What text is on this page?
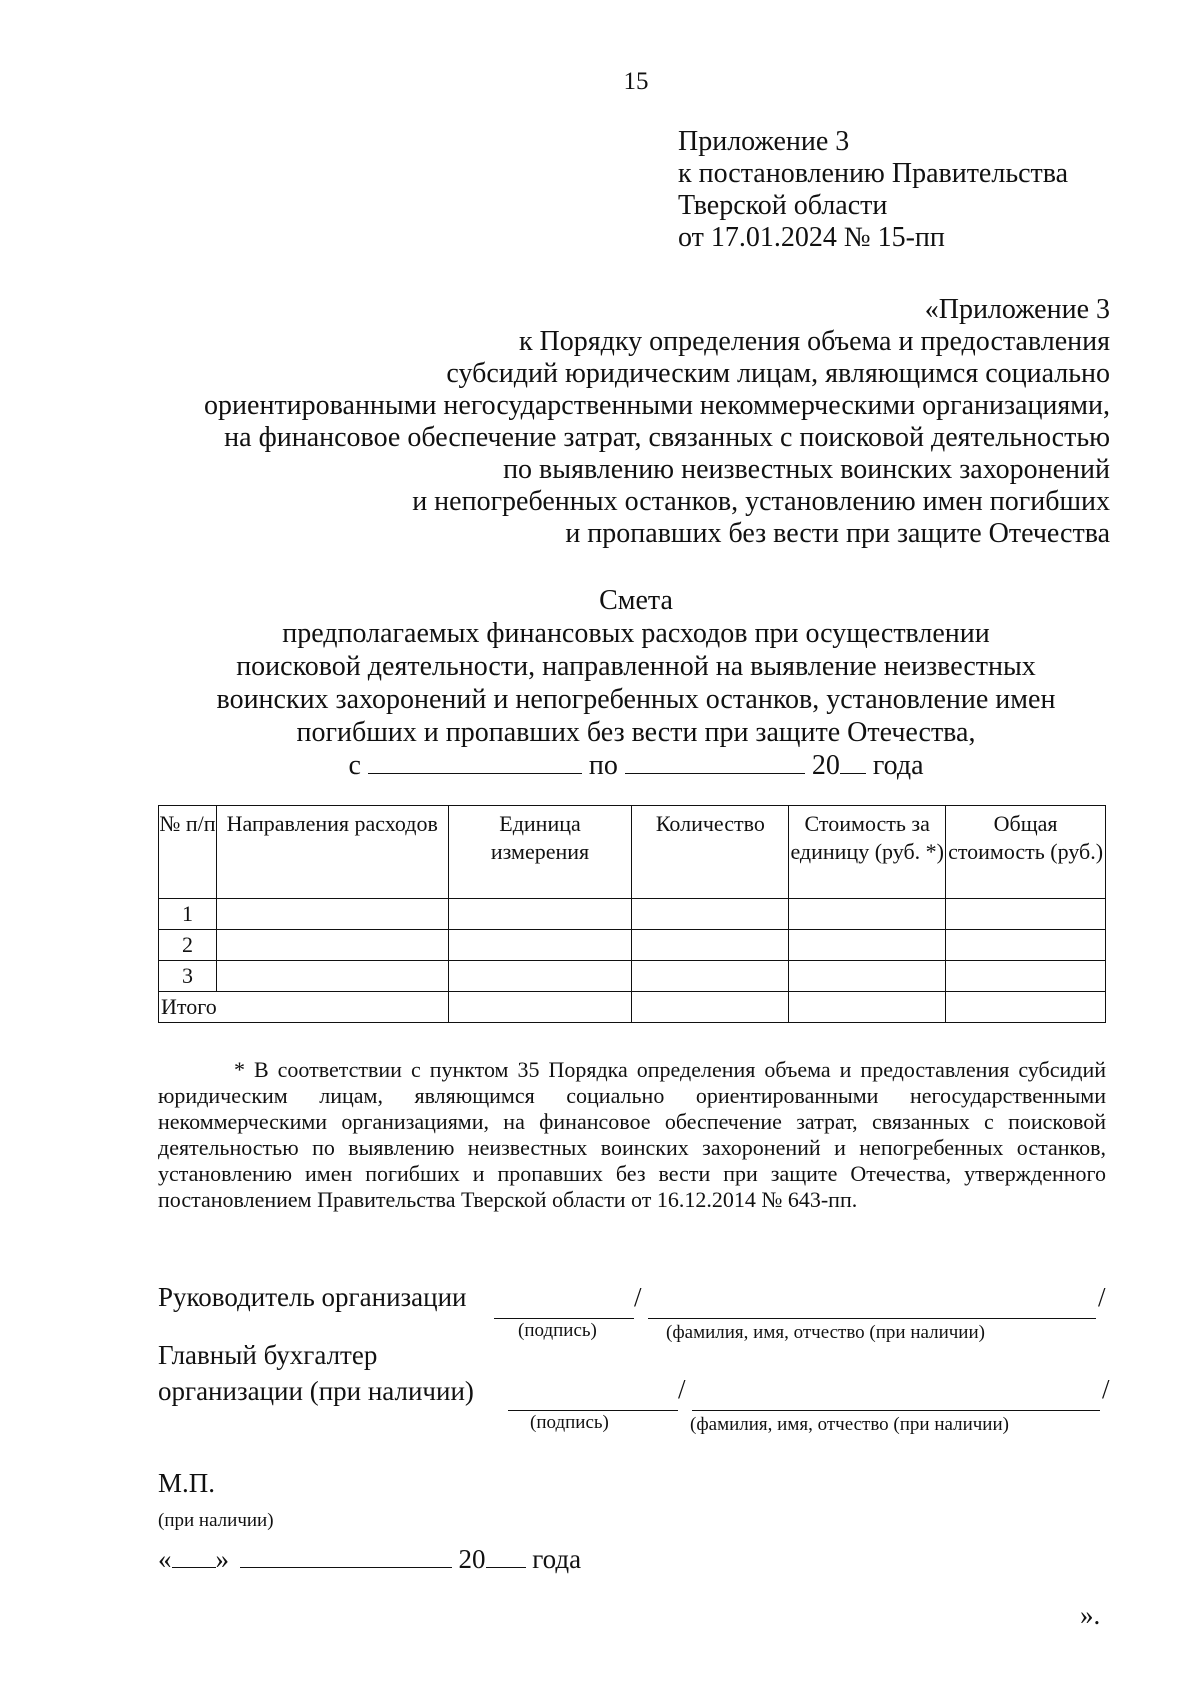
15
Приложение 3
к постановлению Правительства
Тверской области
от 17.01.2024 № 15-пп
«Приложение 3
к Порядку определения объема и предоставления
субсидий юридическим лицам, являющимся социально
ориентированными негосударственными некоммерческими организациями,
на финансовое обеспечение затрат, связанных с поисковой деятельностью
по выявлению неизвестных воинских захоронений
и непогребенных останков, установлению имен погибших
и пропавших без вести при защите Отечества
Смета
предполагаемых финансовых расходов при осуществлении
поисковой деятельности, направленной на выявление неизвестных
воинских захоронений и непогребенных останков, установление имен
погибших и пропавших без вести при защите Отечества,
с	по	20 года
№ п/п	Направления расходов	Единица измерения	Количество	Стоимость за единицу (руб. *)	Общая стоимость (руб.)
1					
2					
3					
Итого					
* В соответствии с пунктом 35 Порядка определения объема и предоставления субсидий юридическим лицам, являющимся социально ориентированными негосударственными некоммерческими организациями, на финансовое обеспечение затрат, связанных с поисковой деятельностью по выявлению неизвестных воинских захоронений и непогребенных останков, установлению имен погибших и пропавших без вести при защите Отечества, утвержденного постановлением Правительства Тверской области от 16.12.2014 № 643-пп.
Руководитель организации	/	/
(подпись)	(фамилия, имя, отчество (при наличии)
Главный бухгалтер
организации (при наличии)	/	/
(подпись)	(фамилия, имя, отчество (при наличии)
М.П.
(при наличии)
« »	20 года
».
